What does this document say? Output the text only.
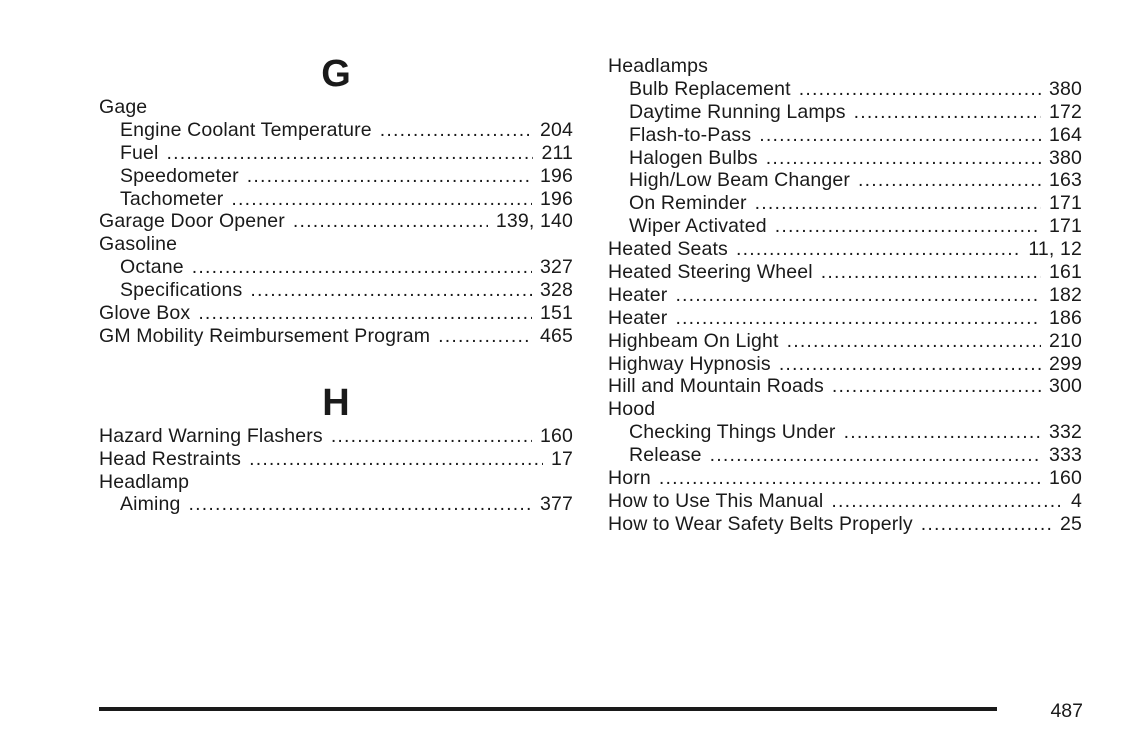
G
Gage
Engine Coolant Temperature .....	204
Fuel .....	211
Speedometer .....	196
Tachometer .....	196
Garage Door Opener .....	139, 140
Gasoline
Octane .....	327
Specifications .....	328
Glove Box .....	151
GM Mobility Reimbursement Program .....	465
H
Hazard Warning Flashers .....	160
Head Restraints .....	17
Headlamp
Aiming .....	377
Headlamps
Bulb Replacement .....	380
Daytime Running Lamps .....	172
Flash-to-Pass .....	164
Halogen Bulbs .....	380
High/Low Beam Changer .....	163
On Reminder .....	171
Wiper Activated .....	171
Heated Seats .....	11, 12
Heated Steering Wheel .....	161
Heater .....	182
Heater .....	186
Highbeam On Light .....	210
Highway Hypnosis .....	299
Hill and Mountain Roads .....	300
Hood
Checking Things Under .....	332
Release .....	333
Horn .....	160
How to Use This Manual .....	4
How to Wear Safety Belts Properly .....	25
487
